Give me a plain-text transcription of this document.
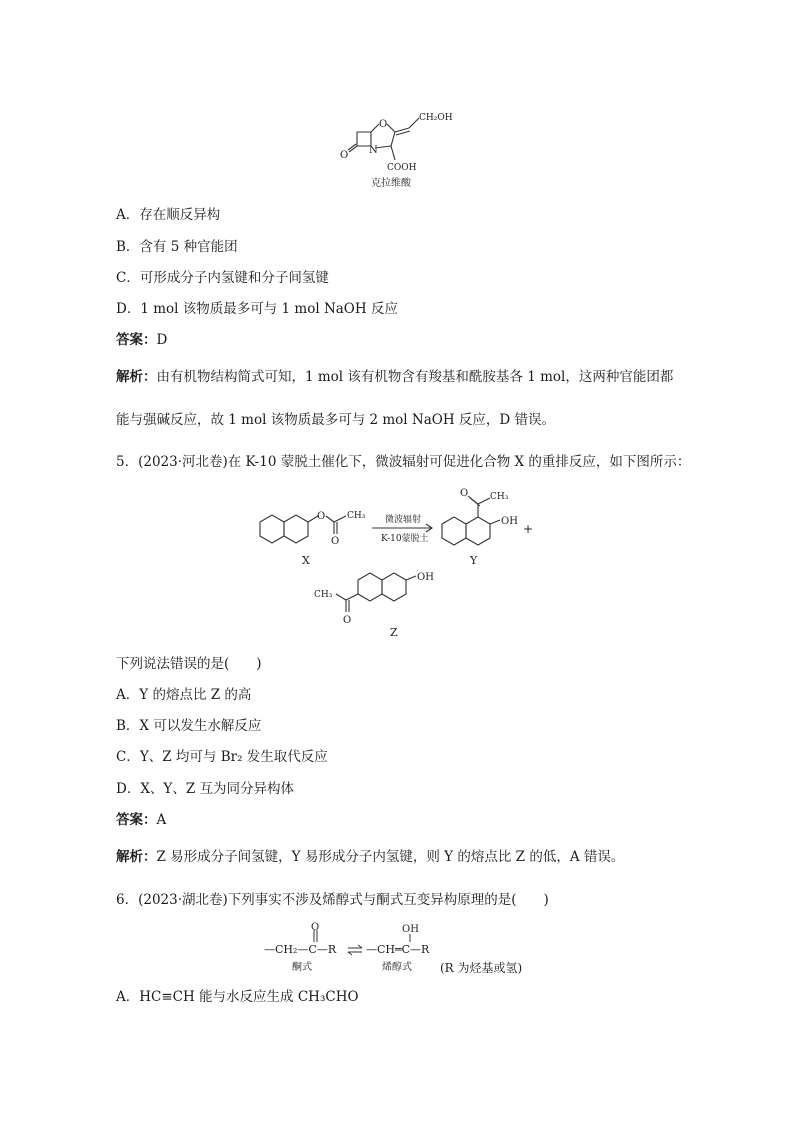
O N
O
CH₂OH
COOH
克拉维酸
A．存在顺反异构
B．含有 5 种官能团
C．可形成分子内氢键和分子间氢键
D．1 mol 该物质最多可与 1 mol NaOH 反应
答案：D
解析：由有机物结构简式可知，1 mol 该有机物含有羧基和酰胺基各 1 mol，这两种官能团都
能与强碱反应，故 1 mol 该物质最多可与 2 mol NaOH 反应，D 错误。
5．(2023·河北卷)在 K-10 蒙脱土催化下，微波辐射可促进化合物 X 的重排反应，如下图所示：
O CH₃
O
X
微波辐射
K-10蒙脱土
O CH₃
OH
Y
+
OH
CH₃
O
Z
下列说法错误的是(　　)
A．Y 的熔点比 Z 的高
B．X 可以发生水解反应
C．Y、Z 均可与 Br₂ 发生取代反应
D．X、Y、Z 互为同分异构体
答案：A
解析：Z 易形成分子间氢键，Y 易形成分子内氢键，则 Y 的熔点比 Z 的低，A 错误。
6．(2023·湖北卷)下列事实不涉及烯醇式与酮式互变异构原理的是(　　)
O
—CH₂—C—R
酮式
OH
—CH═C—R
烯醇式 (R 为烃基或氢)
A．HC≡CH 能与水反应生成 CH₃CHO
